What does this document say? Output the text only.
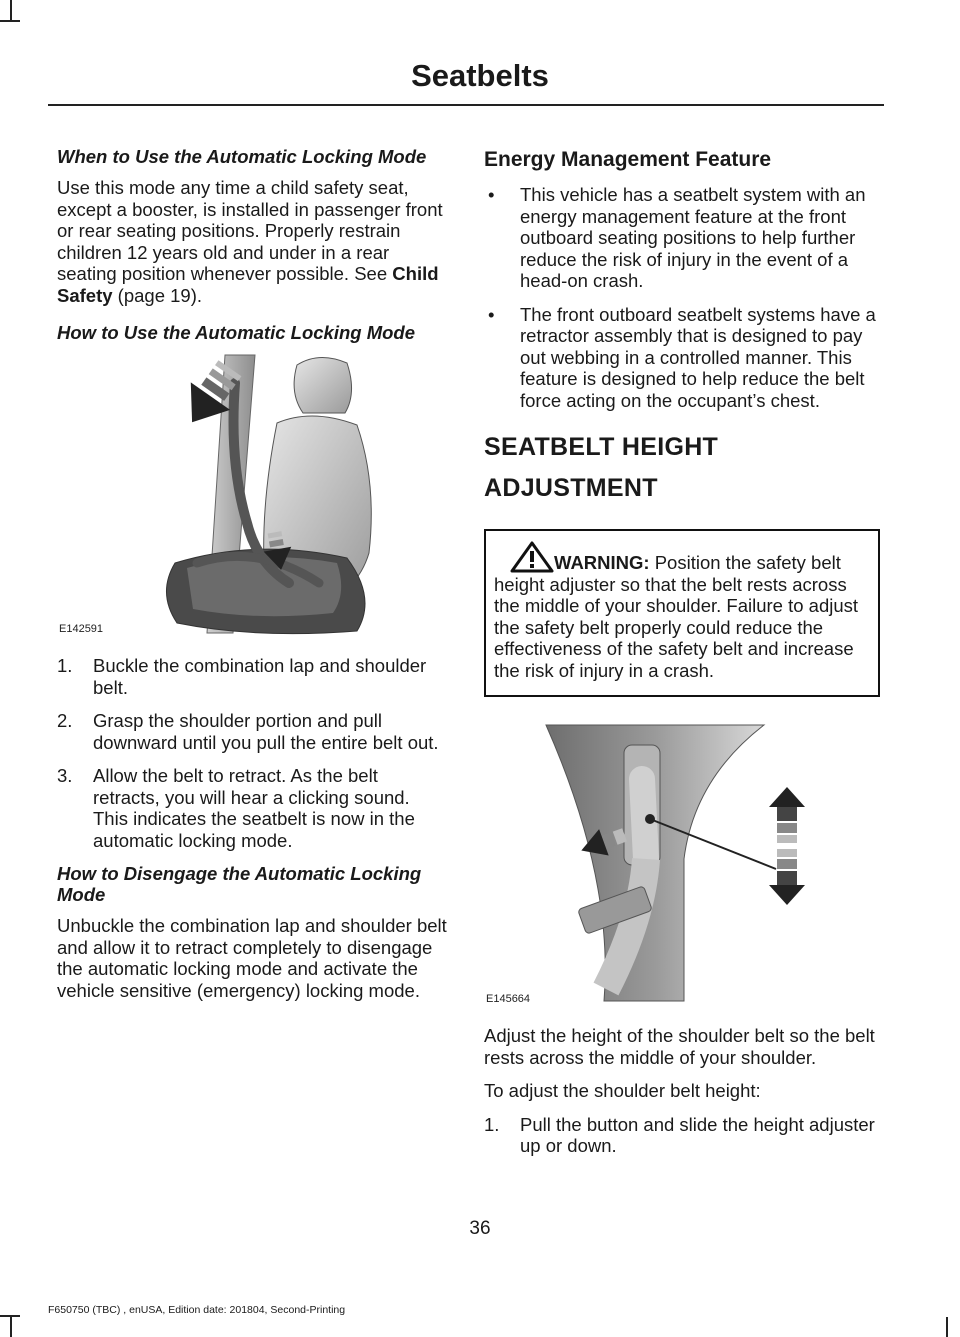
Seatbelts

When to Use the Automatic Locking Mode

Use this mode any time a child safety seat, except a booster, is installed in passenger front or rear seating positions. Properly restrain children 12 years old and under in a rear seating position whenever possible. See Child Safety (page 19).

How to Use the Automatic Locking Mode

E142591
1. Buckle the combination lap and shoulder belt.
2. Grasp the shoulder portion and pull downward until you pull the entire belt out.
3. Allow the belt to retract. As the belt retracts, you will hear a clicking sound. This indicates the seatbelt is now in the automatic locking mode.

How to Disengage the Automatic Locking Mode

Unbuckle the combination lap and shoulder belt and allow it to retract completely to disengage the automatic locking mode and activate the vehicle sensitive (emergency) locking mode.

Energy Management Feature
• This vehicle has a seatbelt system with an energy management feature at the front outboard seating positions to help further reduce the risk of injury in the event of a head-on crash.
• The front outboard seatbelt systems have a retractor assembly that is designed to pay out webbing in a controlled manner. This feature is designed to help reduce the belt force acting on the occupant’s chest.
SEATBELT HEIGHT
ADJUSTMENT
WARNING: Position the safety belt height adjuster so that the belt rests across the middle of your shoulder. Failure to adjust the safety belt properly could reduce the effectiveness of the safety belt and increase the risk of injury in a crash.
E145664

Adjust the height of the shoulder belt so the belt rests across the middle of your shoulder.

To adjust the shoulder belt height:

1. Pull the button and slide the height adjuster up or down.
36
F650750 (TBC) , enUSA, Edition date: 201804, Second-Printing
